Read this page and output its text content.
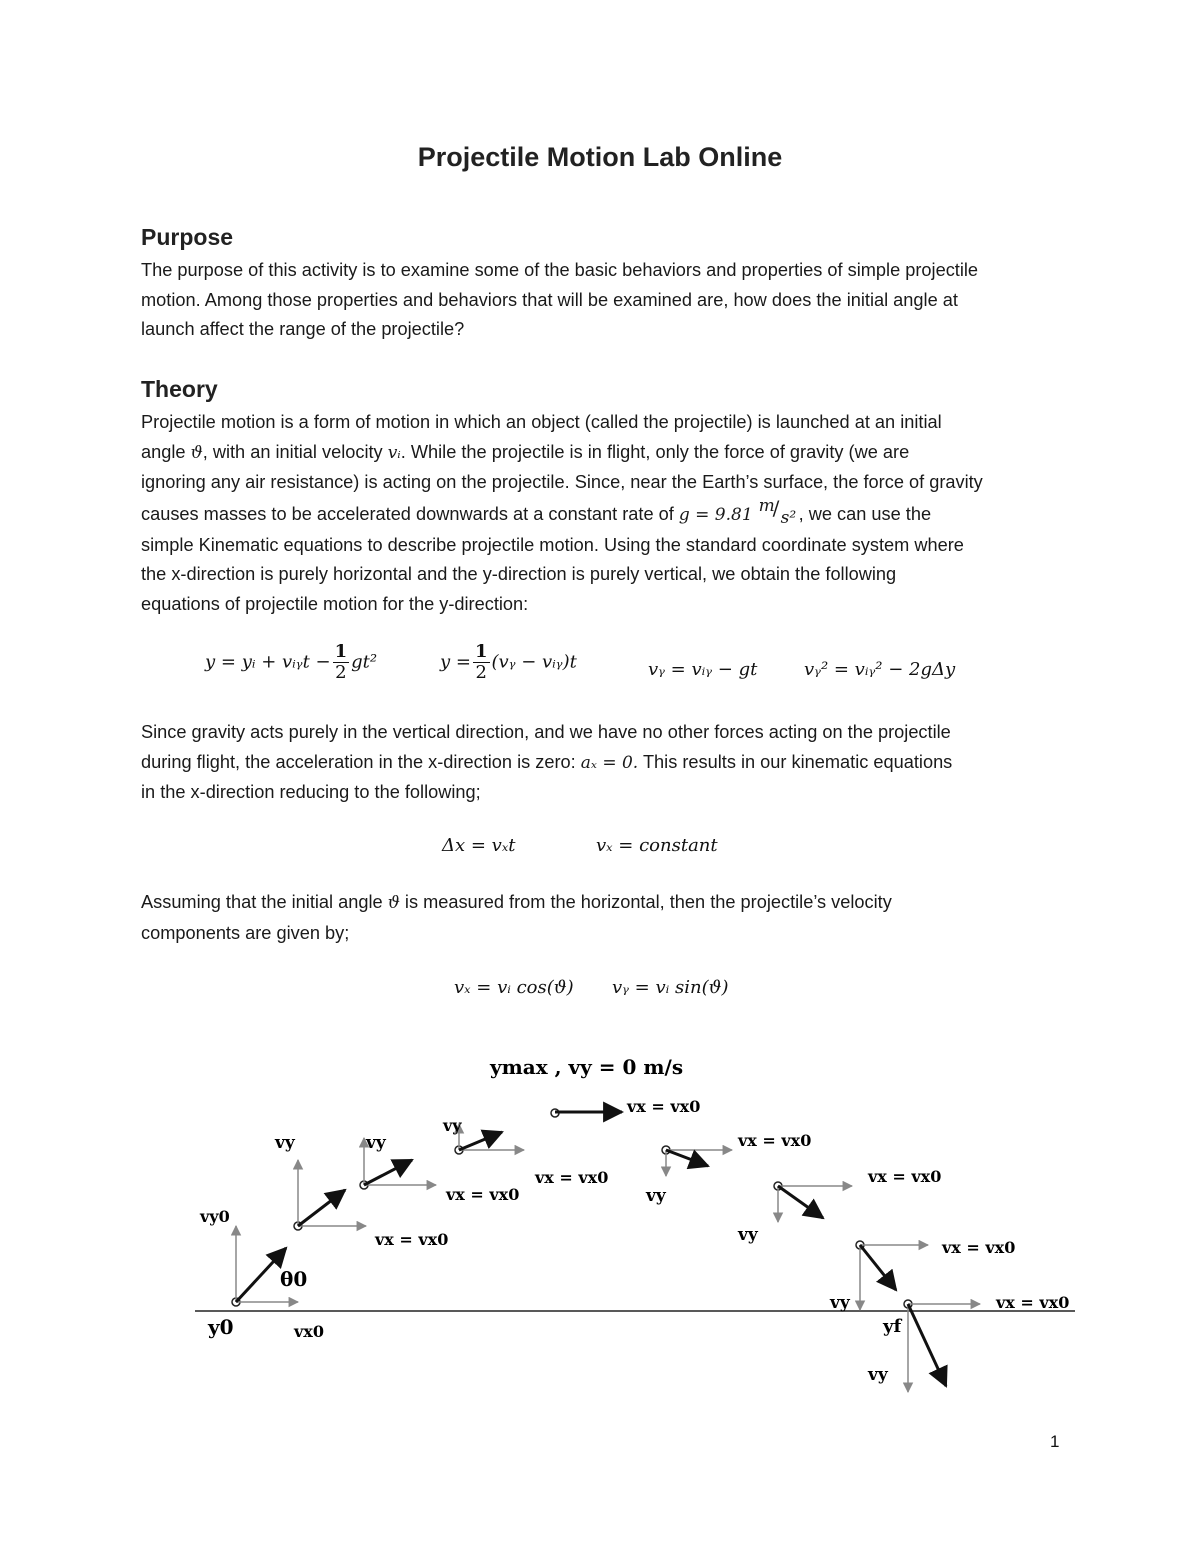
Projectile Motion Lab Online
Purpose
The purpose of this activity is to examine some of the basic behaviors and properties of simple projectile
motion. Among those properties and behaviors that will be examined are, how does the initial angle at
launch affect the range of the projectile?
Theory
Projectile motion is a form of motion in which an object (called the projectile) is launched at an initial
angle ϑ, with an initial velocity vᵢ. While the projectile is in flight, only the force of gravity (we are
ignoring any air resistance) is acting on the projectile. Since, near the Earth’s surface, the force of gravity
causes masses to be accelerated downwards at a constant rate of g = 9.81 m
/ s² , we can use the
simple Kinematic equations to describe projectile motion. Using the standard coordinate system where
the x-direction is purely horizontal and the y-direction is purely vertical, we obtain the following
equations of projectile motion for the y-direction:
y = yᵢ + vᵢᵧt − $\frac{1}{2} gt^2$	$y = \frac{1}{2}$ (vᵧ − vᵢᵧ)t	vᵧ = vᵢᵧ − gt	vᵧ² = vᵢᵧ² − 2gΔy
Since gravity acts purely in the vertical direction, and we have no other forces acting on the projectile
during flight, the acceleration in the x-direction is zero: aₓ = 0. This results in our kinematic equations
in the x-direction reducing to the following;
Δx = vₓt	vₓ = constant
Assuming that the initial angle ϑ is measured from the horizontal, then the projectile’s velocity
components are given by;
vₓ = vᵢ cos(ϑ) vᵧ = vᵢ sin(ϑ)
ymax , vy = 0 m/s
vy0
θ0
y0	vx0
vy
vx = vx0
vy
vx = vx0
vy
vx = vx0
vx = vx0
vy
vx = vx0
vy
vx = vx0
vy
vx = vx0
yf
vy
vx = vx0
1
